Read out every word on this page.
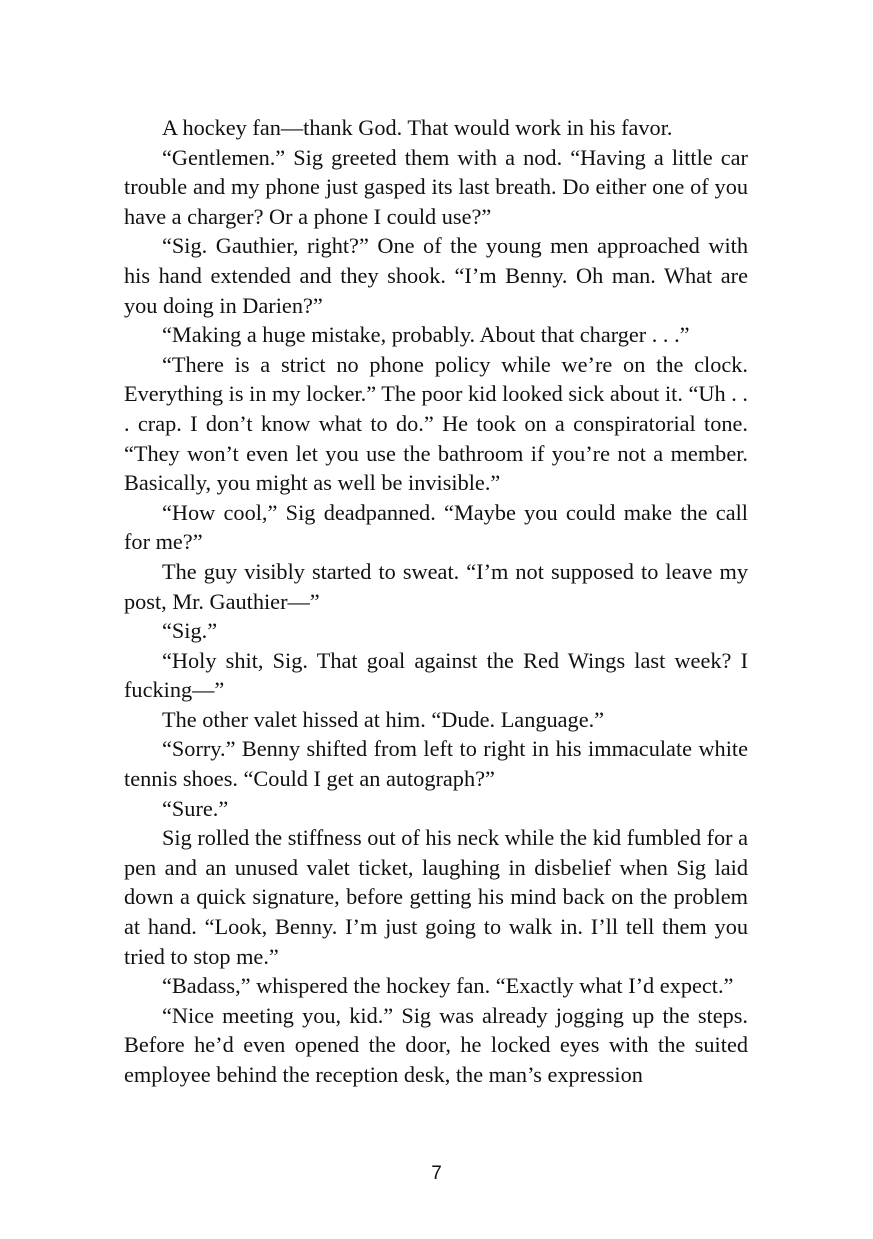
A hockey fan—thank God. That would work in his favor.

“Gentlemen.” Sig greeted them with a nod. “Having a little car trouble and my phone just gasped its last breath. Do either one of you have a charger? Or a phone I could use?”

“Sig. Gauthier, right?” One of the young men approached with his hand extended and they shook. “I’m Benny. Oh man. What are you doing in Darien?”

“Making a huge mistake, probably. About that charger . . .”

“There is a strict no phone policy while we’re on the clock. Everything is in my locker.” The poor kid looked sick about it. “Uh . . . crap. I don’t know what to do.” He took on a conspiratorial tone. “They won’t even let you use the bathroom if you’re not a member. Basically, you might as well be invisible.”

“How cool,” Sig deadpanned. “Maybe you could make the call for me?”

The guy visibly started to sweat. “I’m not supposed to leave my post, Mr. Gauthier—”

“Sig.”

“Holy shit, Sig. That goal against the Red Wings last week? I fucking—”

The other valet hissed at him. “Dude. Language.”

“Sorry.” Benny shifted from left to right in his immaculate white tennis shoes. “Could I get an autograph?”

“Sure.”

Sig rolled the stiffness out of his neck while the kid fumbled for a pen and an unused valet ticket, laughing in disbelief when Sig laid down a quick signature, before getting his mind back on the problem at hand. “Look, Benny. I’m just going to walk in. I’ll tell them you tried to stop me.”

“Badass,” whispered the hockey fan. “Exactly what I’d expect.”

“Nice meeting you, kid.” Sig was already jogging up the steps. Before he’d even opened the door, he locked eyes with the suited employee behind the reception desk, the man’s expression

7
